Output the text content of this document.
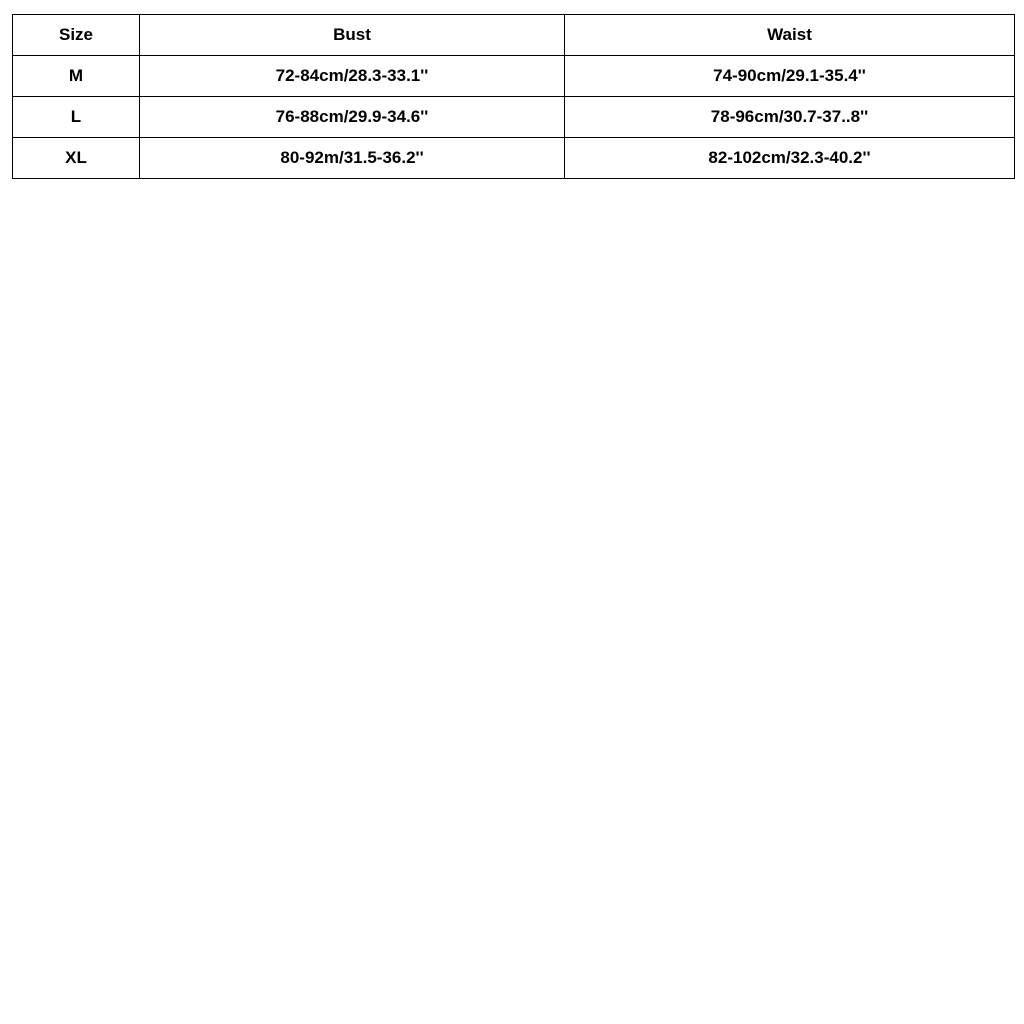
Size	Bust	Waist
M	72-84cm/28.3-33.1''	74-90cm/29.1-35.4''
L	76-88cm/29.9-34.6''	78-96cm/30.7-37..8''
XL	80-92m/31.5-36.2''	82-102cm/32.3-40.2''
